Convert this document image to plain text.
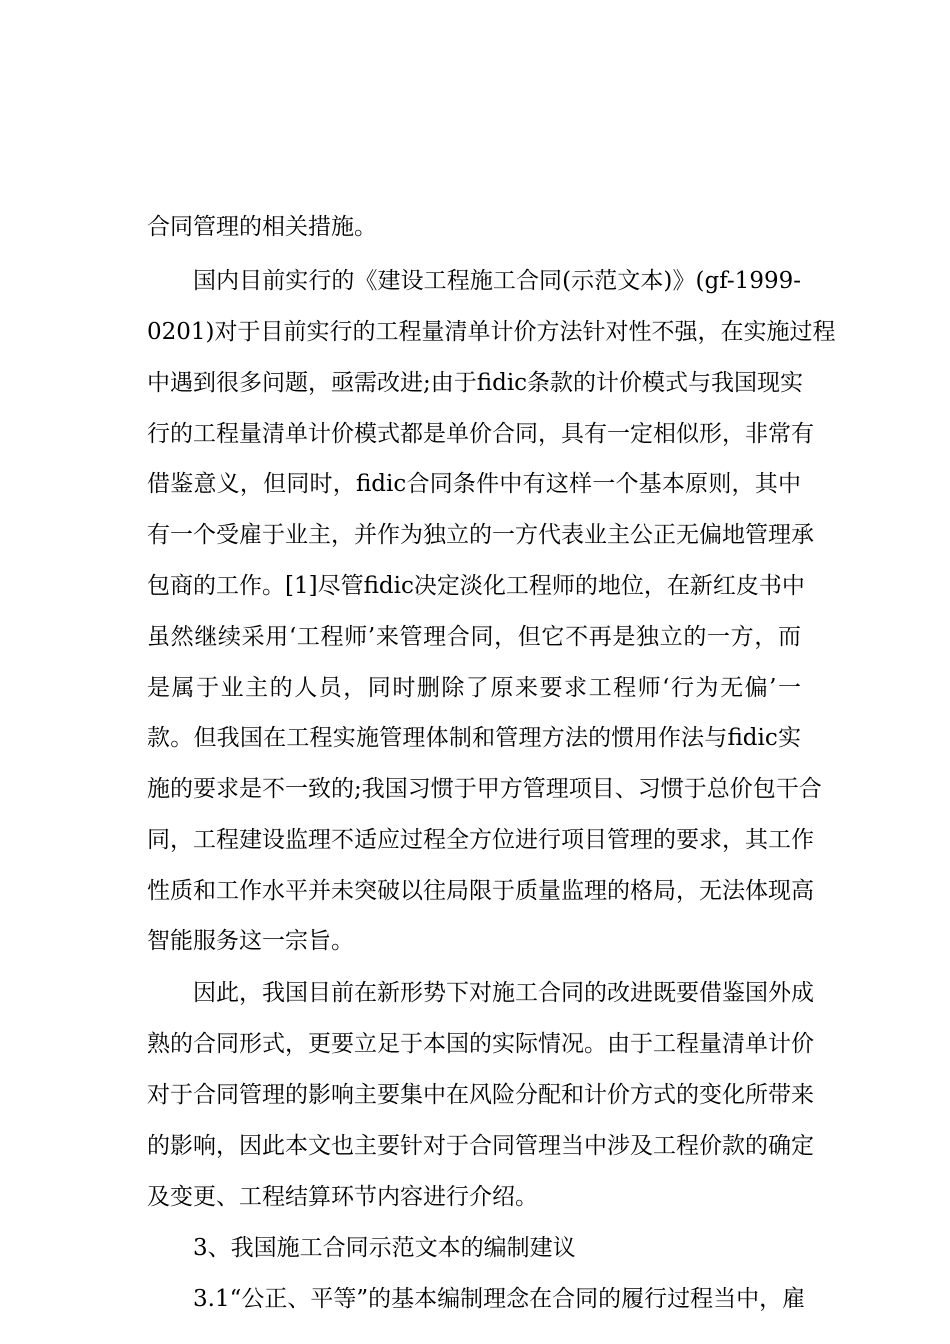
合同管理的相关措施。

国内目前实行的《建设工程施工合同(示范文本)》(gf-1999-

0201)对于目前实行的工程量清单计价方法针对性不强，在实施过程

中遇到很多问题，亟需改进;由于fidic条款的计价模式与我国现实

行的工程量清单计价模式都是单价合同，具有一定相似形，非常有

借鉴意义，但同时，fidic合同条件中有这样一个基本原则，其中

有一个受雇于业主，并作为独立的一方代表业主公正无偏地管理承

包商的工作。[1]尽管fidic决定淡化工程师的地位，在新红皮书中

虽然继续采用‘工程师’来管理合同，但它不再是独立的一方，而

是属于业主的人员，同时删除了原来要求工程师‘行为无偏’一

款。但我国在工程实施管理体制和管理方法的惯用作法与fidic实

施的要求是不一致的;我国习惯于甲方管理项目、习惯于总价包干合

同，工程建设监理不适应过程全方位进行项目管理的要求，其工作

性质和工作水平并未突破以往局限于质量监理的格局，无法体现高

智能服务这一宗旨。

因此，我国目前在新形势下对施工合同的改进既要借鉴国外成

熟的合同形式，更要立足于本国的实际情况。由于工程量清单计价

对于合同管理的影响主要集中在风险分配和计价方式的变化所带来

的影响，因此本文也主要针对于合同管理当中涉及工程价款的确定

及变更、工程结算环节内容进行介绍。

3、我国施工合同示范文本的编制建议

3.1“公正、平等”的基本编制理念在合同的履行过程当中，雇
